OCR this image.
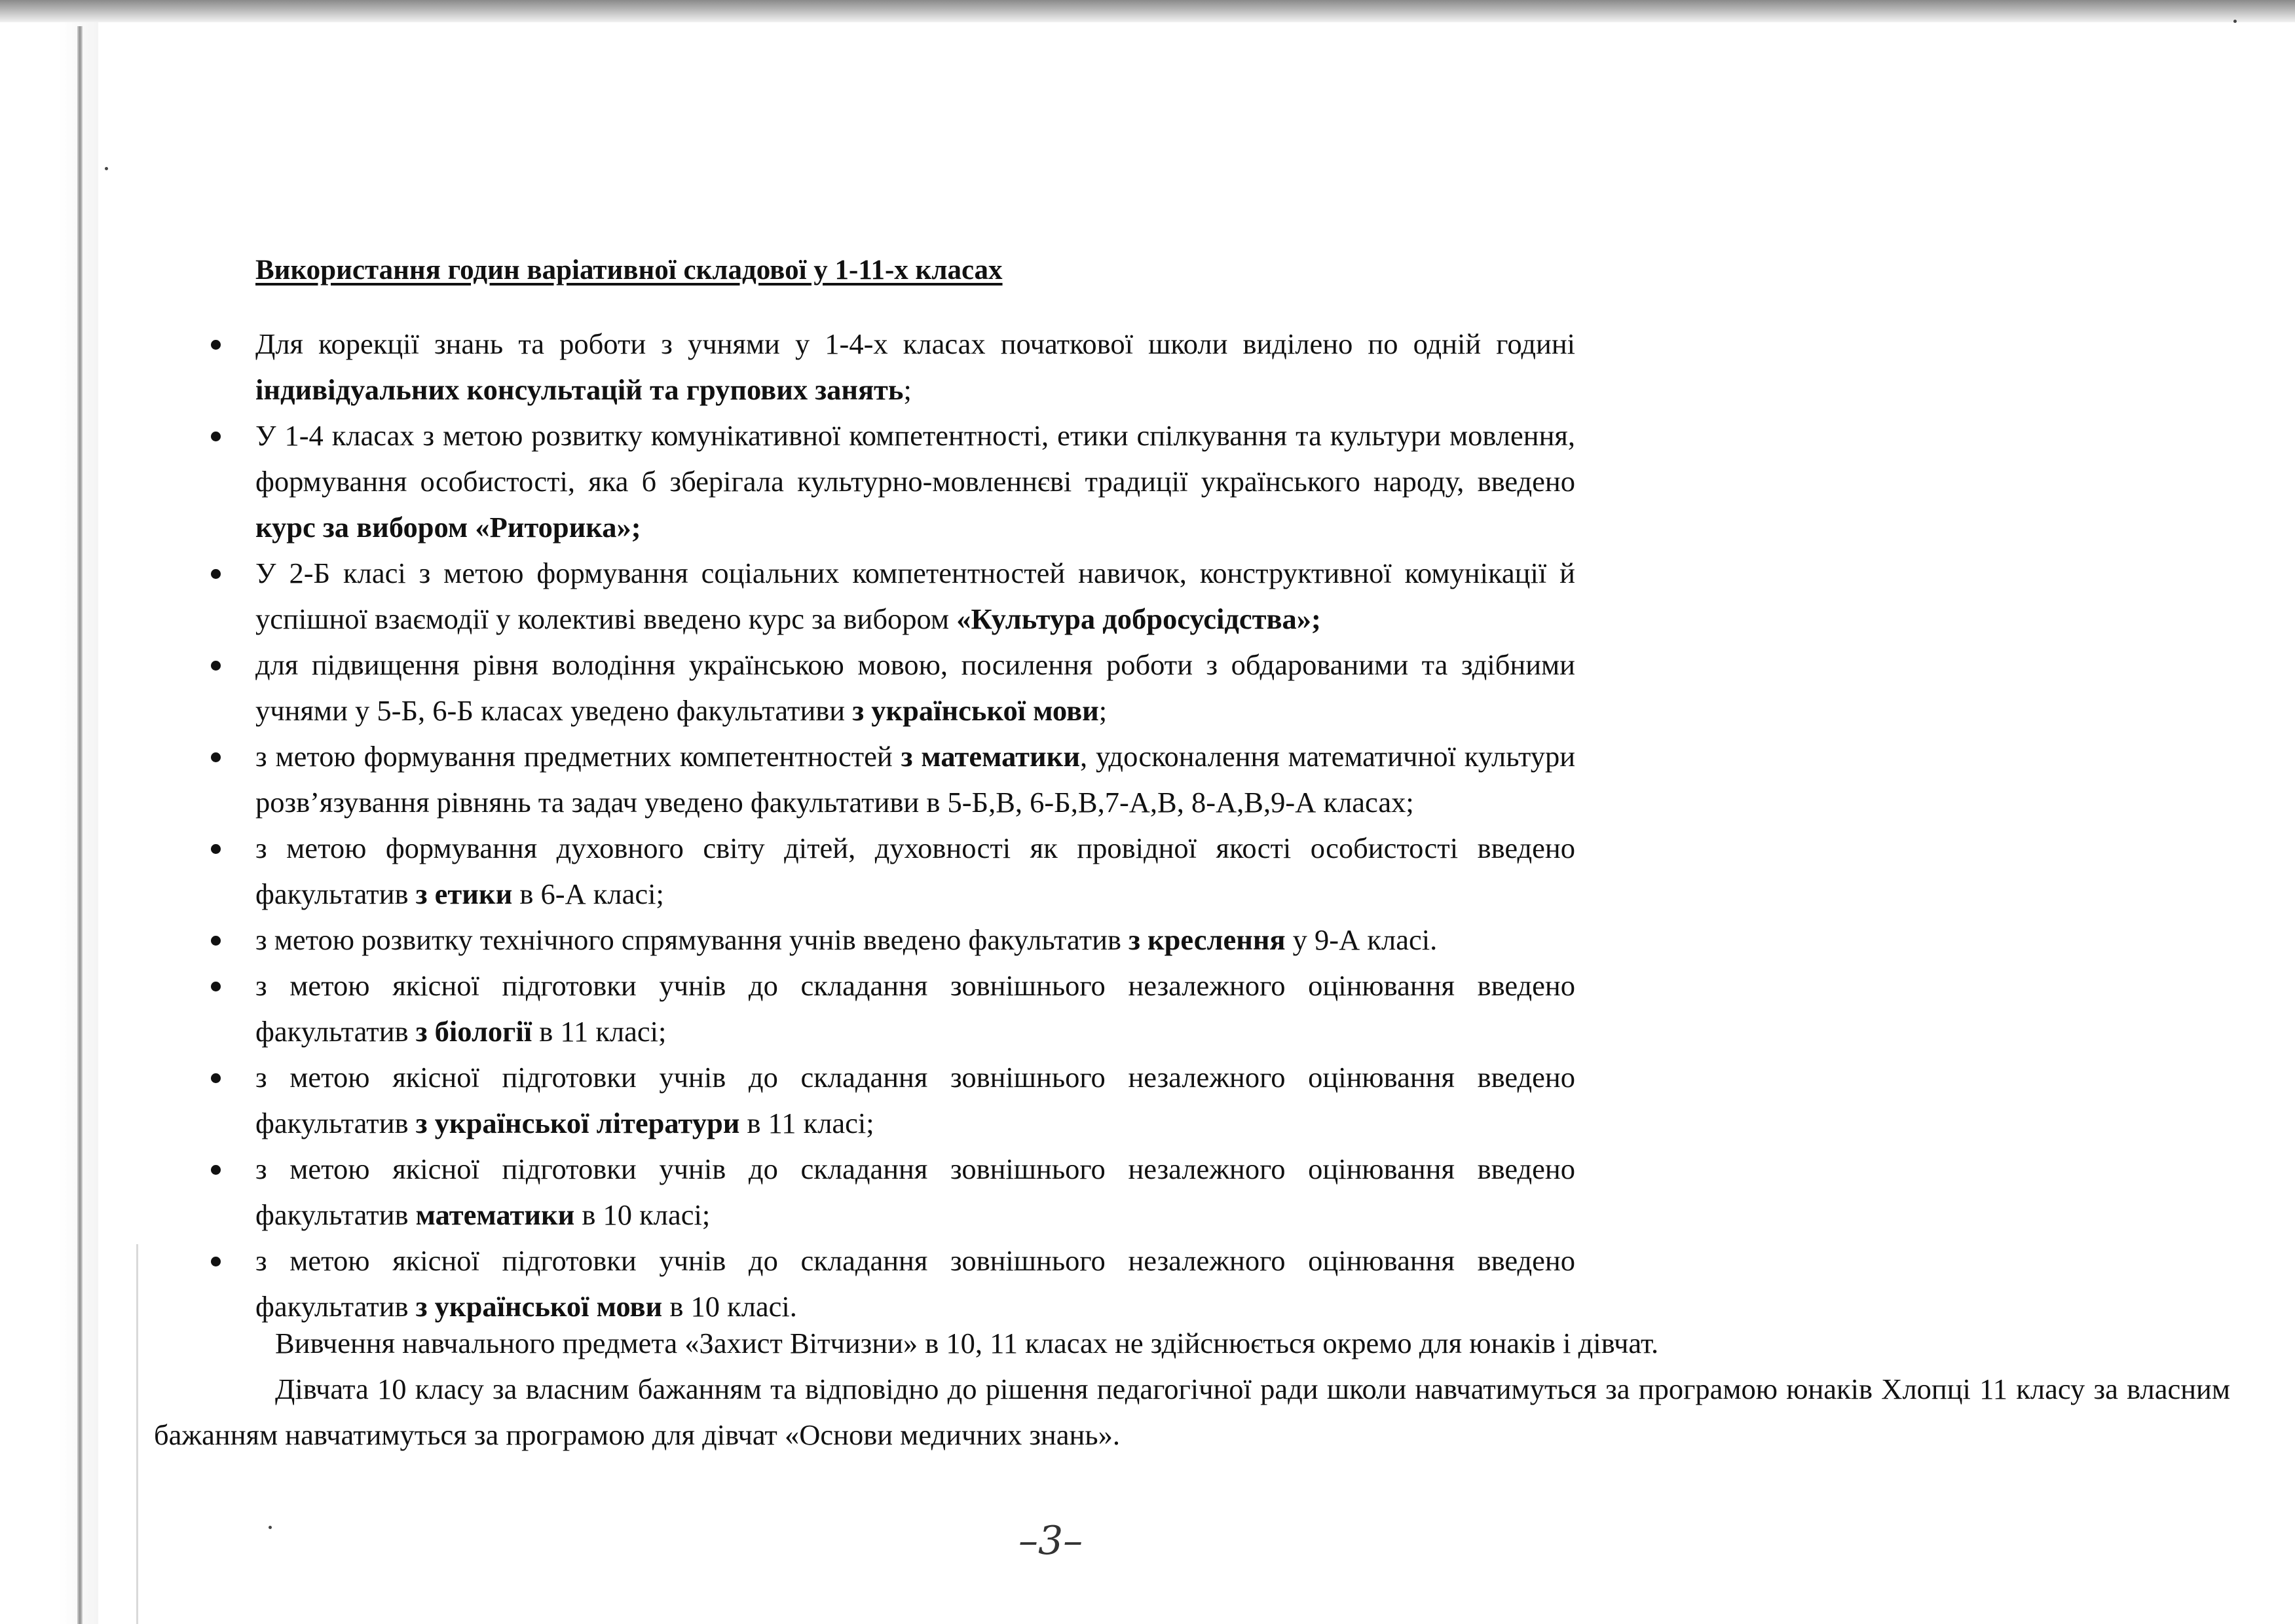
Використання годин варіативної складової у 1-11-х класах
Для корекції знань та роботи з учнями у 1-4-х класах початкової школи виділено по одній годині індивідуальних консультацій та групових занять;
У 1-4 класах з метою розвитку комунікативної компетентності, етики спілкування та культури мовлення, формування особистості, яка б зберігала культурно-мовленнєві традиції українського народу, введено курс за вибором «Риторика»;
У 2-Б класі з метою формування соціальних компетентностей навичок, конструктивної комунікації й успішної взаємодії у колективі введено курс за вибором «Культура добросусідства»;
для підвищення рівня володіння українською мовою, посилення роботи з обдарованими та здібними учнями у 5-Б, 6-Б класах уведено факультативи з української мови;
з метою формування предметних компетентностей з математики, удосконалення математичної культури розв’язування рівнянь та задач уведено факультативи в 5-Б,В, 6-Б,В,7-А,В, 8-А,В,9-А класах;
з метою формування духовного світу дітей, духовності як провідної якості особистості введено факультатив з етики в 6-А класі;
з метою розвитку технічного спрямування учнів введено факультатив з креслення у 9-А класі.
з метою якісної підготовки учнів до складання зовнішнього незалежного оцінювання введено факультатив з біології в 11 класі;
з метою якісної підготовки учнів до складання зовнішнього незалежного оцінювання введено факультатив з української літератури в 11 класі;
з метою якісної підготовки учнів до складання зовнішнього незалежного оцінювання введено факультатив математики в 10 класі;
з метою якісної підготовки учнів до складання зовнішнього незалежного оцінювання введено факультатив з української мови в 10 класі.

Вивчення навчального предмета «Захист Вітчизни» в 10, 11 класах не здійснюється окремо для юнаків і дівчат.

Дівчата 10 класу за власним бажанням та відповідно до рішення педагогічної ради школи навчатимуться за програмою юнаків Хлопці 11 класу за власним бажанням навчатимуться за програмою для дівчат «Основи медичних знань».

–3–
